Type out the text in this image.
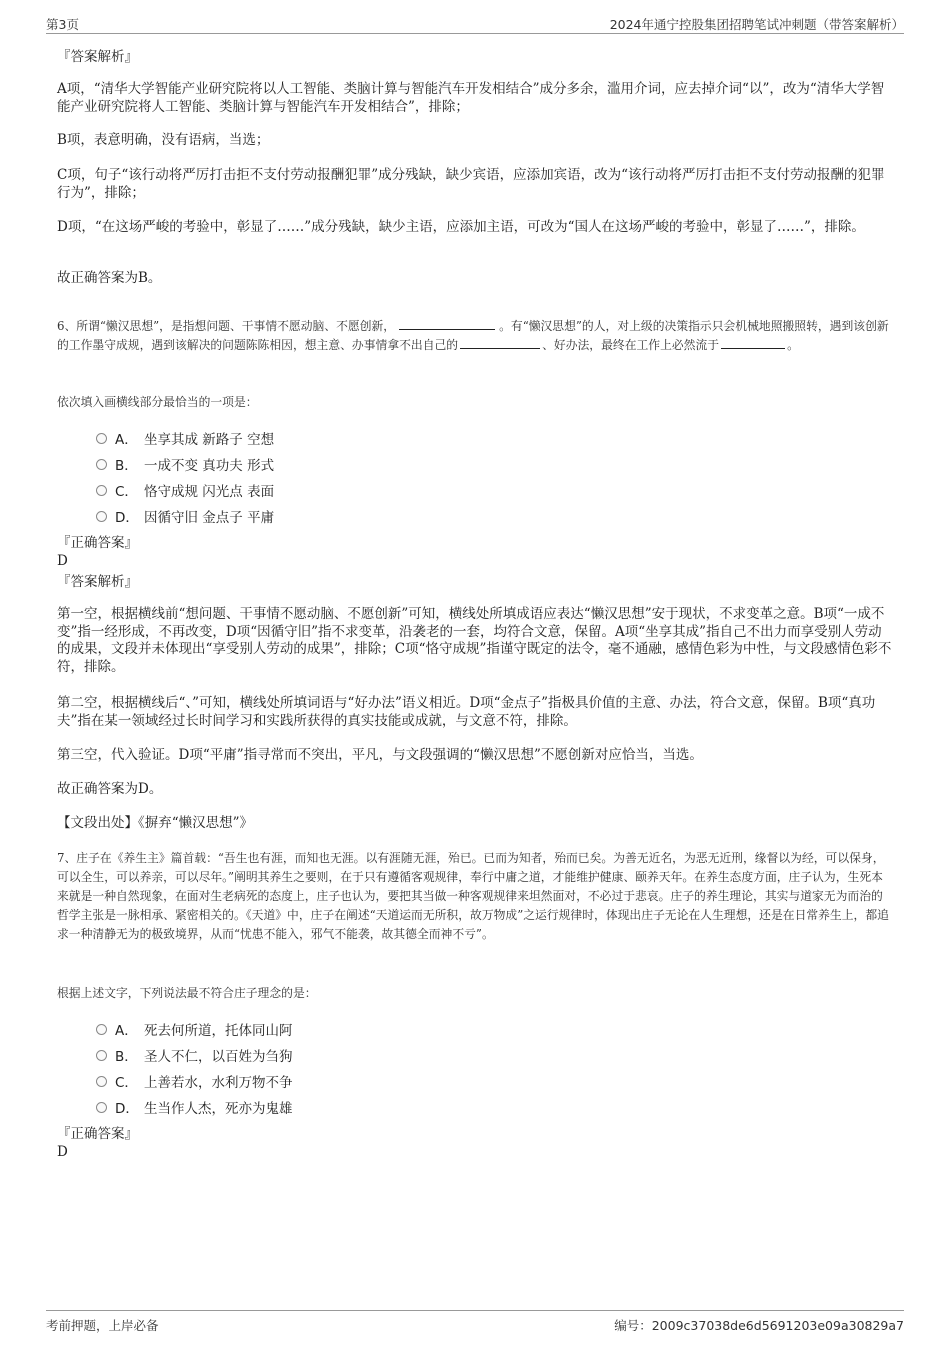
第3页	2024年通宁控股集团招聘笔试冲刺题（带答案解析）
『答案解析』
A项，“清华大学智能产业研究院将以人工智能、类脑计算与智能汽车开发相结合”成分多余，滥用介词，应去掉介词“以”，改为“清华大学智能产业研究院将人工智能、类脑计算与智能汽车开发相结合”，排除；
B项，表意明确，没有语病，当选；
C项，句子“该行动将严厉打击拒不支付劳动报酬犯罪”成分残缺，缺少宾语，应添加宾语，改为“该行动将严厉打击拒不支付劳动报酬的犯罪行为”，排除；
D项，“在这场严峻的考验中，彰显了……”成分残缺，缺少主语，应添加主语，可改为“国人在这场严峻的考验中，彰显了……”，排除。
故正确答案为B。
6、所谓“懒汉思想”，是指想问题、干事情不愿动脑、不愿创新，	。有“懒汉思想”的人，对上级的决策指示只会机械地照搬照转，遇到该创新的工作墨守成规，遇到该解决的问题陈陈相因，想主意、办事情拿不出自己的	、好办法，最终在工作上必然流于	。
依次填入画横线部分最恰当的一项是：
A． 坐享其成 新路子 空想
B． 一成不变 真功夫 形式
C． 恪守成规 闪光点 表面
D． 因循守旧 金点子 平庸
『正确答案』
D
『答案解析』
第一空，根据横线前“想问题、干事情不愿动脑、不愿创新”可知，横线处所填成语应表达“懒汉思想”安于现状，不求变革之意。B项“一成不变”指一经形成，不再改变，D项“因循守旧”指不求变革，沿袭老的一套，均符合文意，保留。A项“坐享其成”指自己不出力而享受别人劳动的成果，文段并未体现出“享受别人劳动的成果”，排除；C项“恪守成规”指谨守既定的法令，毫不通融，感情色彩为中性，与文段感情色彩不符，排除。
第二空，根据横线后“、”可知，横线处所填词语与“好办法”语义相近。D项“金点子”指极具价值的主意、办法，符合文意，保留。B项“真功夫”指在某一领域经过长时间学习和实践所获得的真实技能或成就，与文意不符，排除。
第三空，代入验证。D项“平庸”指寻常而不突出，平凡，与文段强调的“懒汉思想”不愿创新对应恰当，当选。
故正确答案为D。
【文段出处】《摒弃“懒汉思想”》
7、庄子在《养生主》篇首载：“吾生也有涯，而知也无涯。以有涯随无涯，殆已。已而为知者，殆而已矣。为善无近名，为恶无近刑，缘督以为经，可以保身，可以全生，可以养亲，可以尽年。”阐明其养生之要则，在于只有遵循客观规律，奉行中庸之道，才能维护健康、颐养天年。在养生态度方面，庄子认为，生死本来就是一种自然现象，在面对生老病死的态度上，庄子也认为，要把其当做一种客观规律来坦然面对，不必过于悲哀。庄子的养生理论，其实与道家无为而治的哲学主张是一脉相承、紧密相关的。《天道》中，庄子在阐述“天道运而无所积，故万物成”之运行规律时，体现出庄子无论在人生理想，还是在日常养生上，都追求一种清静无为的极致境界，从而“忧患不能入，邪气不能袭，故其德全而神不亏”。
根据上述文字，下列说法最不符合庄子理念的是：
A． 死去何所道，托体同山阿
B． 圣人不仁，以百姓为刍狗
C． 上善若水，水利万物不争
D． 生当作人杰，死亦为鬼雄
『正确答案』
D
考前押题，上岸必备	编号：2009c37038de6d5691203e09a30829a7
